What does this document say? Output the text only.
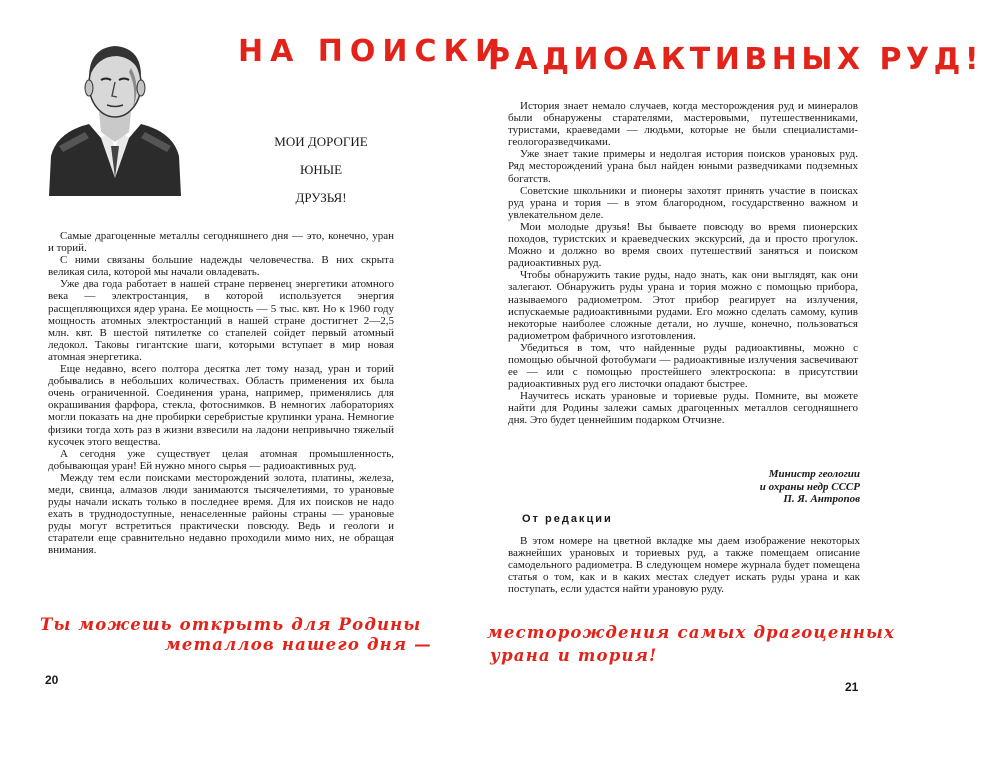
НА ПОИСКИ
РАДИОАКТИВНЫХ РУД!
МОИ ДОРОГИЕ
ЮНЫЕ
ДРУЗЬЯ!

Самые драгоценные металлы сегодняшнего дня — это, конечно, уран и торий.

С ними связаны большие надежды человечества. В них скрыта великая сила, которой мы начали овладевать.

Уже два года работает в нашей стране первенец энергетики атомного века — электростанция, в которой используется энергия расщепляющихся ядер урана. Ее мощность — 5 тыс. квт. Но к 1960 году мощность атомных электростанций в нашей стране достигнет 2—2,5 млн. квт. В шестой пятилетке со стапелей сойдет первый атомный ледокол. Таковы гигантские шаги, которыми вступает в мир новая атомная энергетика.

Еще недавно, всего полтора десятка лет тому назад, уран и торий добывались в небольших количествах. Область применения их была очень ограниченной. Соединения урана, например, применялись для окрашивания фарфора, стекла, фотоснимков. В немногих лабораториях могли показать на дне пробирки серебристые крупинки урана. Немногие физики тогда хоть раз в жизни взвесили на ладони непривычно тяжелый кусочек этого вещества.

А сегодня уже существует целая атомная промышленность, добывающая уран! Ей нужно много сырья — радиоактивных руд.

Между тем если поисками месторождений золота, платины, железа, меди, свинца, алмазов люди занимаются тысячелетиями, то урановые руды начали искать только в последнее время. Для их поисков не надо ехать в труднодоступные, ненаселенные районы страны — урановые руды могут встретиться практически повсюду. Ведь и геологи и старатели еще сравнительно недавно проходили мимо них, не обращая внимания.

История знает немало случаев, когда месторождения руд и минералов были обнаружены старателями, мастеровыми, путешественниками, туристами, краеведами — людьми, которые не были специалистами-геологоразведчиками.

Уже знает такие примеры и недолгая история поисков урановых руд. Ряд месторождений урана был найден юными разведчиками подземных богатств.

Советские школьники и пионеры захотят принять участие в поисках руд урана и тория — в этом благородном, государственно важном и увлекательном деле.

Мои молодые друзья! Вы бываете повсюду во время пионерских походов, туристских и краеведческих экскурсий, да и просто прогулок. Можно и должно во время своих путешествий заняться и поиском радиоактивных руд.

Чтобы обнаружить такие руды, надо знать, как они выглядят, как они залегают. Обнаружить руды урана и тория можно с помощью прибора, называемого радиометром. Этот прибор реагирует на излучения, испускаемые радиоактивными рудами. Его можно сделать самому, купив некоторые наиболее сложные детали, но лучше, конечно, пользоваться радиометром фабричного изготовления.

Убедиться в том, что найденные руды радиоактивны, можно с помощью обычной фотобумаги — радиоактивные излучения засвечивают ее — или с помощью простейшего электроскопа: в присутствии радиоактивных руд его листочки опадают быстрее.

Научитесь искать урановые и ториевые руды. Помните, вы можете найти для Родины залежи самых драгоценных металлов сегодняшнего дня. Это будет ценнейшим подарком Отчизне.

Министр геологии
и охраны недр СССР
П. Я. Антропов
От редакции

В этом номере на цветной вкладке мы даем изображение некоторых важнейших урановых и ториевых руд, а также помещаем описание самодельного радиометра. В следующем номере журнала будет помещена статья о том, как и в каких местах следует искать руды урана и как поступать, если удастся найти урановую руду.

Ты можешь открыть для Родины
металлов нашего дня —
месторождения самых драгоценных
урана и тория!
20	21
